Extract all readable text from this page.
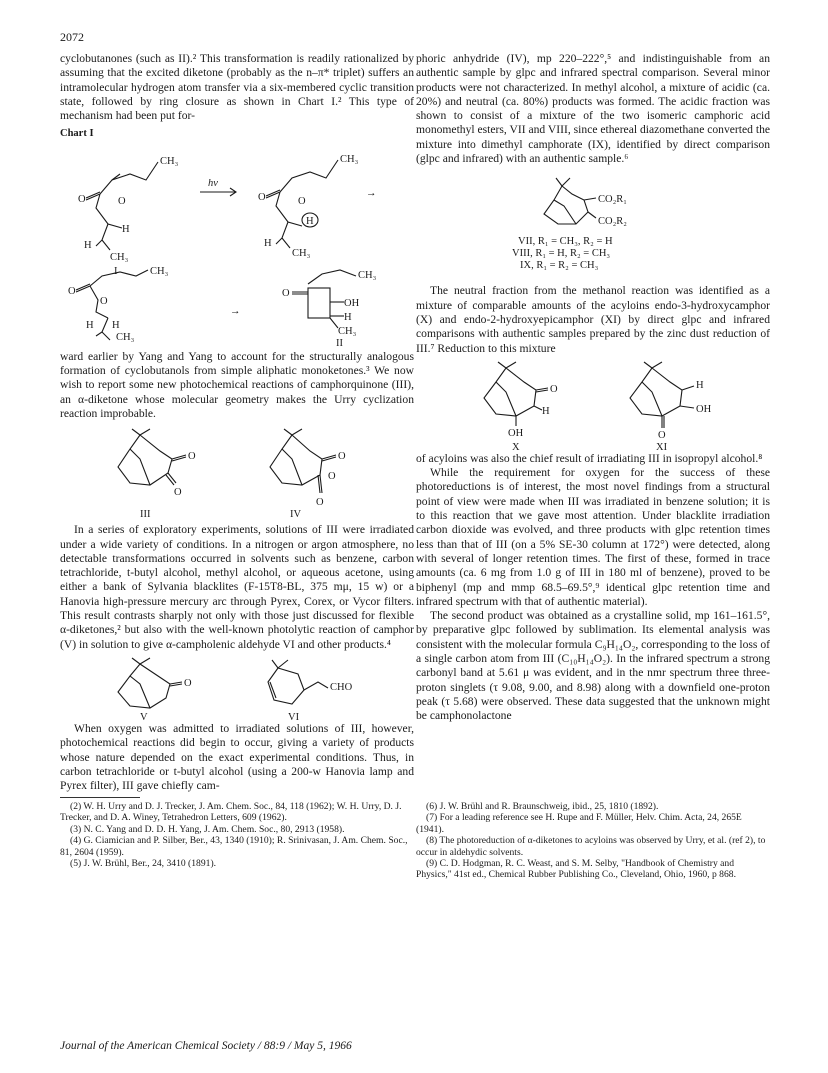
2072

cyclobutanones (such as II).² This transformation is readily rationalized by assuming that the excited diketone (probably as the n–π* triplet) suffers an intramolecular hydrogen atom transfer via a six-membered cyclic transition state, followed by ring closure as shown in Chart I.² This type of mechanism had been put for-

Chart I
O	O
CH₃
H
H
CH₃
I
hν
O	O
CH₃
H
H
CH₃
→
O
O
CH₃
H H
CH₃
→
O
CH₃
OH
H
CH₃
II

ward earlier by Yang and Yang to account for the structurally analogous formation of cyclobutanols from simple aliphatic monoketones.³ We now wish to report some new photochemical reactions of camphorquinone (III), an α-diketone whose molecular geometry makes the Urry cyclization reaction improbable.

O
O
III
O
O
O
IV

In a series of exploratory experiments, solutions of III were irradiated under a wide variety of conditions. In a nitrogen or argon atmosphere, no detectable transformations occurred in solvents such as benzene, carbon tetrachloride, t-butyl alcohol, methyl alcohol, or aqueous acetone, using either a bank of Sylvania blacklites (F-15T8-BL, 375 mμ, 15 w) or a Hanovia high-pressure mercury arc through Pyrex, Corex, or Vycor filters. This result contrasts sharply not only with those just discussed for flexible α-diketones,² but also with the well-known photolytic reaction of camphor (V) in solution to give α-campholenic aldehyde VI and other products.⁴

O
V
CHO
VI

When oxygen was admitted to irradiated solutions of III, however, photochemical reactions did begin to occur, giving a variety of products whose nature depended on the exact experimental conditions. Thus, in carbon tetrachloride or t-butyl alcohol (using a 200-w Hanovia lamp and Pyrex filter), III gave chiefly cam-

phoric anhydride (IV), mp 220–222°,⁵ and indistinguishable from an authentic sample by glpc and infrared spectral comparison. Several minor products were not characterized. In methyl alcohol, a mixture of acidic (ca. 20%) and neutral (ca. 80%) products was formed. The acidic fraction was shown to consist of a mixture of the two isomeric camphoric acid monomethyl esters, VII and VIII, since ethereal diazomethane converted the mixture into dimethyl camphorate (IX), identified by direct comparison (glpc and infrared) with an authentic sample.⁶

CO₂R₁
CO₂R₂
VII, R₁ = CH₃, R₂ = H
VIII, R₁ = H, R₂ = CH₃
IX, R₁ = R₂ = CH₃

The neutral fraction from the methanol reaction was identified as a mixture of comparable amounts of the acyloins endo-3-hydroxycamphor (X) and endo-2-hydroxyepicamphor (XI) by direct glpc and infrared comparisons with authentic samples prepared by the zinc dust reduction of III.⁷ Reduction to this mixture

O
H
OH
X
H
OH
O
XI

of acyloins was also the chief result of irradiating III in isopropyl alcohol.⁸

While the requirement for oxygen for the success of these photoreductions is of interest, the most novel findings from a structural point of view were made when III was irradiated in benzene solution; it is to this reaction that we gave most attention. Under blacklite irradiation carbon dioxide was evolved, and three products with glpc retention times less than that of III (on a 5% SE-30 column at 172°) were detected, along with several of longer retention times. The first of these, formed in trace amounts (ca. 6 mg from 1.0 g of III in 180 ml of benzene), proved to be biphenyl (mp and mmp 68.5–69.5°,⁹ identical glpc retention time and infrared spectrum with that of authentic material).

The second product was obtained as a crystalline solid, mp 161–161.5°, by preparative glpc followed by sublimation. Its elemental analysis was consistent with the molecular formula C₉H₁₄O₂, corresponding to the loss of a single carbon atom from III (C₁₀H₁₄O₂). In the infrared spectrum a strong carbonyl band at 5.61 μ was evident, and in the nmr spectrum three three-proton singlets (τ 9.08, 9.00, and 8.98) along with a downfield one-proton peak (τ 5.68) were observed. These data suggested that the unknown might be camphonolactone

(2) W. H. Urry and D. J. Trecker, J. Am. Chem. Soc., 84, 118 (1962); W. H. Urry, D. J. Trecker, and D. A. Winey, Tetrahedron Letters, 609 (1962).

(3) N. C. Yang and D. D. H. Yang, J. Am. Chem. Soc., 80, 2913 (1958).

(4) G. Ciamician and P. Silber, Ber., 43, 1340 (1910); R. Srinivasan, J. Am. Chem. Soc., 81, 2604 (1959).

(5) J. W. Brühl, Ber., 24, 3410 (1891).

(6) J. W. Brühl and R. Braunschweig, ibid., 25, 1810 (1892).

(7) For a leading reference see H. Rupe and F. Müller, Helv. Chim. Acta, 24, 265E (1941).

(8) The photoreduction of α-diketones to acyloins was observed by Urry, et al. (ref 2), to occur in aldehydic solvents.

(9) C. D. Hodgman, R. C. Weast, and S. M. Selby, "Handbook of Chemistry and Physics," 41st ed., Chemical Rubber Publishing Co., Cleveland, Ohio, 1960, p 868.

Journal of the American Chemical Society / 88:9 / May 5, 1966
